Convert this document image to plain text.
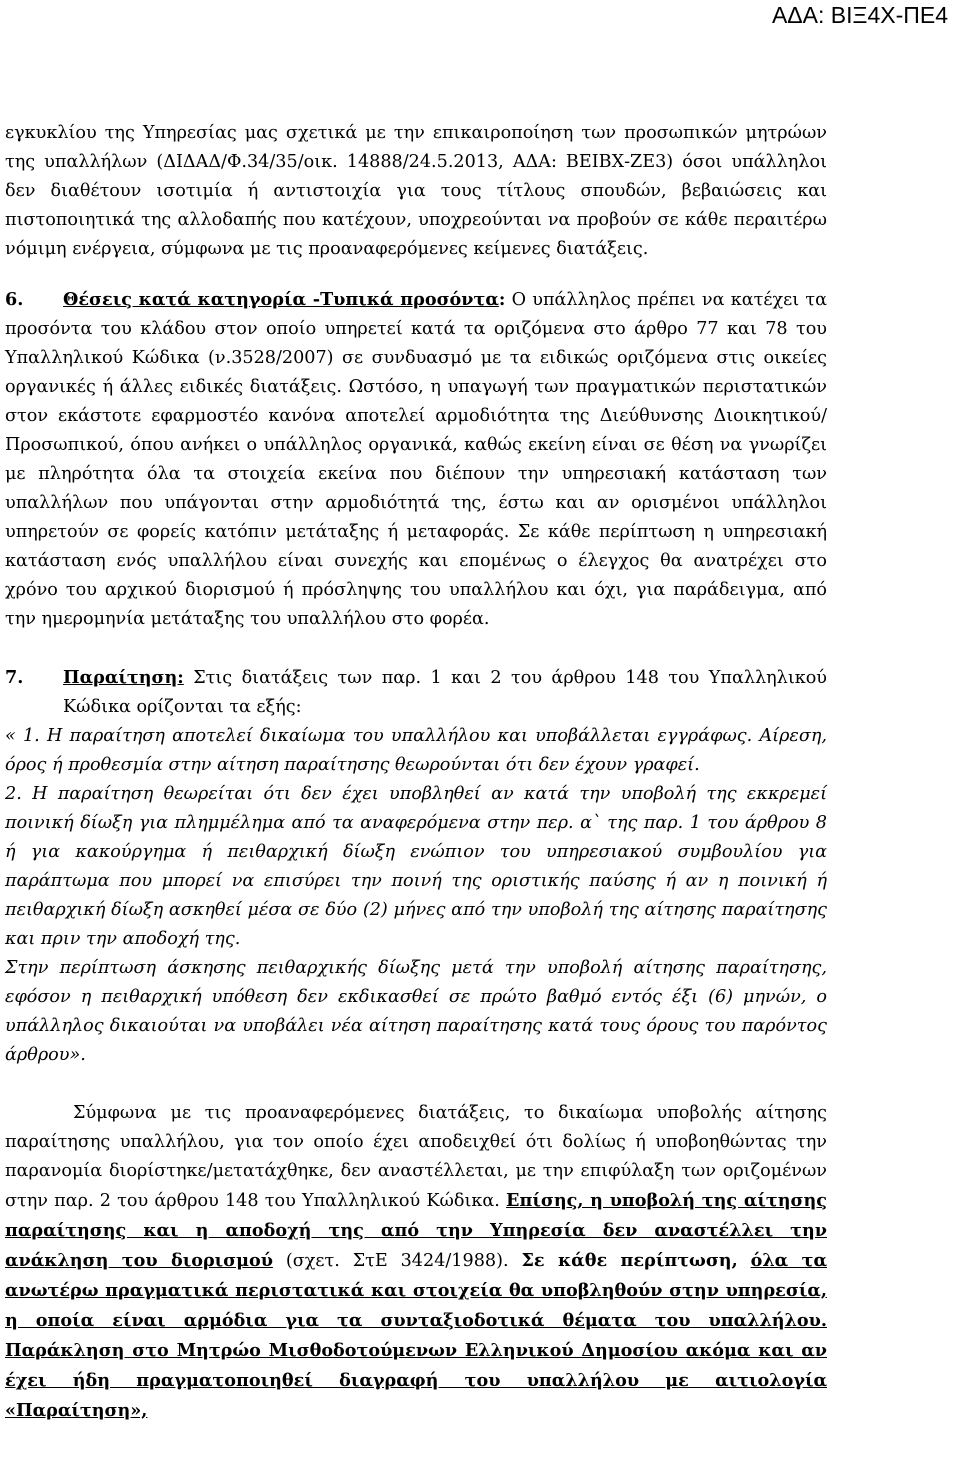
ΑΔΑ: ΒΙΞ4Χ-ΠΕ4

εγκυκλίου της Υπηρεσίας μας σχετικά με την επικαιροποίηση των προσωπικών μητρώων της υπαλλήλων (ΔΙΔΑΔ/Φ.34/35/οικ. 14888/24.5.2013, ΑΔΑ: ΒΕΙΒΧ-ΖΕ3) όσοι υπάλληλοι δεν διαθέτουν ισοτιμία ή αντιστοιχία για τους τίτλους σπουδών, βεβαιώσεις και πιστοποιητικά της αλλοδαπής που κατέχουν, υποχρεούνται να προβούν σε κάθε περαιτέρω νόμιμη ενέργεια, σύμφωνα με τις προαναφερόμενες κείμενες διατάξεις.

6.	Θέσεις κατά κατηγορία -Τυπικά προσόντα: Ο υπάλληλος πρέπει να κατέχει τα προσόντα του κλάδου στον οποίο υπηρετεί κατά τα οριζόμενα στο άρθρο 77 και 78 του Υπαλληλικού Κώδικα (ν.3528/2007) σε συνδυασμό με τα ειδικώς οριζόμενα στις οικείες οργανικές ή άλλες ειδικές διατάξεις. Ωστόσο, η υπαγωγή των πραγματικών περιστατικών στον εκάστοτε εφαρμοστέο κανόνα αποτελεί αρμοδιότητα της Διεύθυνσης Διοικητικού/ Προσωπικού, όπου ανήκει ο υπάλληλος οργανικά, καθώς εκείνη είναι σε θέση να γνωρίζει με πληρότητα όλα τα στοιχεία εκείνα που διέπουν την υπηρεσιακή κατάσταση των υπαλλήλων που υπάγονται στην αρμοδιότητά της, έστω και αν ορισμένοι υπάλληλοι υπηρετούν σε φορείς κατόπιν μετάταξης ή μεταφοράς. Σε κάθε περίπτωση η υπηρεσιακή κατάσταση ενός υπαλλήλου είναι συνεχής και επομένως ο έλεγχος θα ανατρέχει στο χρόνο του αρχικού διορισμού ή πρόσληψης του υπαλλήλου και όχι, για παράδειγμα, από την ημερομηνία μετάταξης του υπαλλήλου στο φορέα.

7.	Παραίτηση: Στις διατάξεις των παρ. 1 και 2 του άρθρου 148 του Υπαλληλικού Κώδικα ορίζονται τα εξής:

« 1. Η παραίτηση αποτελεί δικαίωμα του υπαλλήλου και υποβάλλεται εγγράφως. Αίρεση, όρος ή προθεσμία στην αίτηση παραίτησης θεωρούνται ότι δεν έχουν γραφεί.

2. Η παραίτηση θεωρείται ότι δεν έχει υποβληθεί αν κατά την υποβολή της εκκρεμεί ποινική δίωξη για πλημμέλημα από τα αναφερόμενα στην περ. α` της παρ. 1 του άρθρου 8 ή για κακούργημα ή πειθαρχική δίωξη ενώπιον του υπηρεσιακού συμβουλίου για παράπτωμα που μπορεί να επισύρει την ποινή της οριστικής παύσης ή αν η ποινική ή πειθαρχική δίωξη ασκηθεί μέσα σε δύο (2) μήνες από την υποβολή της αίτησης παραίτησης και πριν την αποδοχή της.

Στην περίπτωση άσκησης πειθαρχικής δίωξης μετά την υποβολή αίτησης παραίτησης, εφόσον η πειθαρχική υπόθεση δεν εκδικασθεί σε πρώτο βαθμό εντός έξι (6) μηνών, ο υπάλληλος δικαιούται να υποβάλει νέα αίτηση παραίτησης κατά τους όρους του παρόντος άρθρου».

Σύμφωνα με τις προαναφερόμενες διατάξεις, το δικαίωμα υποβολής αίτησης παραίτησης υπαλλήλου, για τον οποίο έχει αποδειχθεί ότι δολίως ή υποβοηθώντας την παρανομία διορίστηκε/μετατάχθηκε, δεν αναστέλλεται, με την επιφύλαξη των οριζομένων στην παρ. 2 του άρθρου 148 του Υπαλληλικού Κώδικα. Επίσης, η υποβολή της αίτησης παραίτησης και η αποδοχή της από την Υπηρεσία δεν αναστέλλει την ανάκληση του διορισμού (σχετ. ΣτΕ 3424/1988). Σε κάθε περίπτωση, όλα τα ανωτέρω πραγματικά περιστατικά και στοιχεία θα υποβληθούν στην υπηρεσία, η οποία είναι αρμόδια για τα συνταξιοδοτικά θέματα του υπαλλήλου. Παράκληση στο Μητρώο Μισθοδοτούμενων Ελληνικού Δημοσίου ακόμα και αν έχει ήδη πραγματοποιηθεί διαγραφή του υπαλλήλου με αιτιολογία «Παραίτηση»,
